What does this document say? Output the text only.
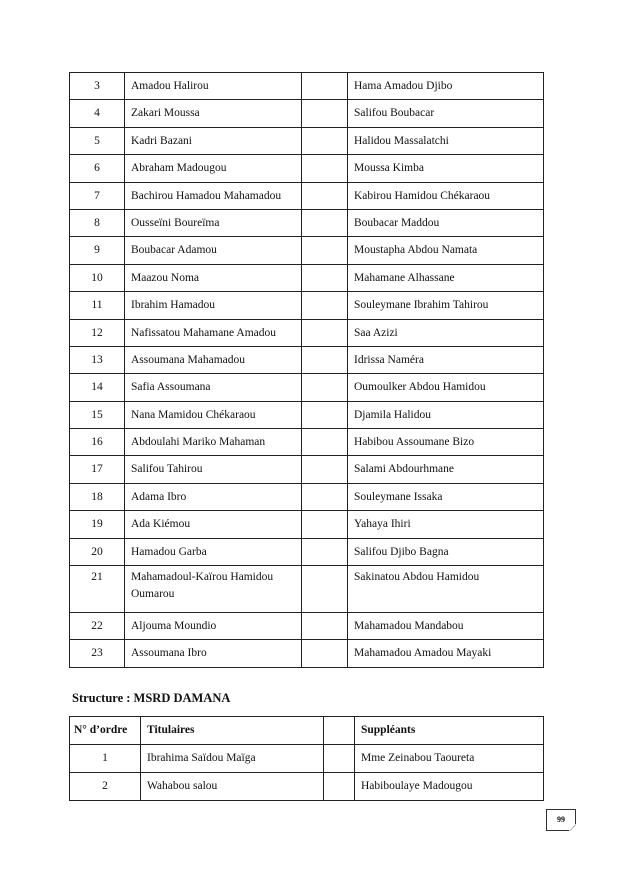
3	Amadou Halirou		Hama Amadou Djibo
4	Zakari Moussa		Salifou Boubacar
5	Kadri Bazani		Halidou Massalatchi
6	Abraham Madougou		Moussa Kimba
7	Bachirou Hamadou Mahamadou		Kabirou Hamidou Chékaraou
8	Ousseïni Boureïma		Boubacar Maddou
9	Boubacar Adamou		Moustapha Abdou Namata
10	Maazou Noma		Mahamane Alhassane
11	Ibrahim Hamadou		Souleymane Ibrahim Tahirou
12	Nafissatou Mahamane Amadou		Saa Azizi
13	Assoumana Mahamadou		Idrissa Naméra
14	Safia Assoumana		Oumoulker Abdou Hamidou
15	Nana Mamidou Chékaraou		Djamila Halidou
16	Abdoulahi Mariko Mahaman		Habibou Assoumane Bizo
17	Salifou Tahirou		Salami Abdourhmane
18	Adama Ibro		Souleymane Issaka
19	Ada Kiémou		Yahaya Ihiri
20	Hamadou Garba		Salifou Djibo Bagna
21	Mahamadoul-Kaïrou Hamidou Oumarou		Sakinatou Abdou Hamidou
22	Aljouma Moundio		Mahamadou Mandabou
23	Assoumana Ibro		Mahamadou Amadou Mayaki
Structure : MSRD DAMANA
N° d’ordre	Titulaires		Suppléants
1	Ibrahima Saïdou Maïga		Mme Zeinabou Taoureta
2	Wahabou salou		Habiboulaye Madougou
99
